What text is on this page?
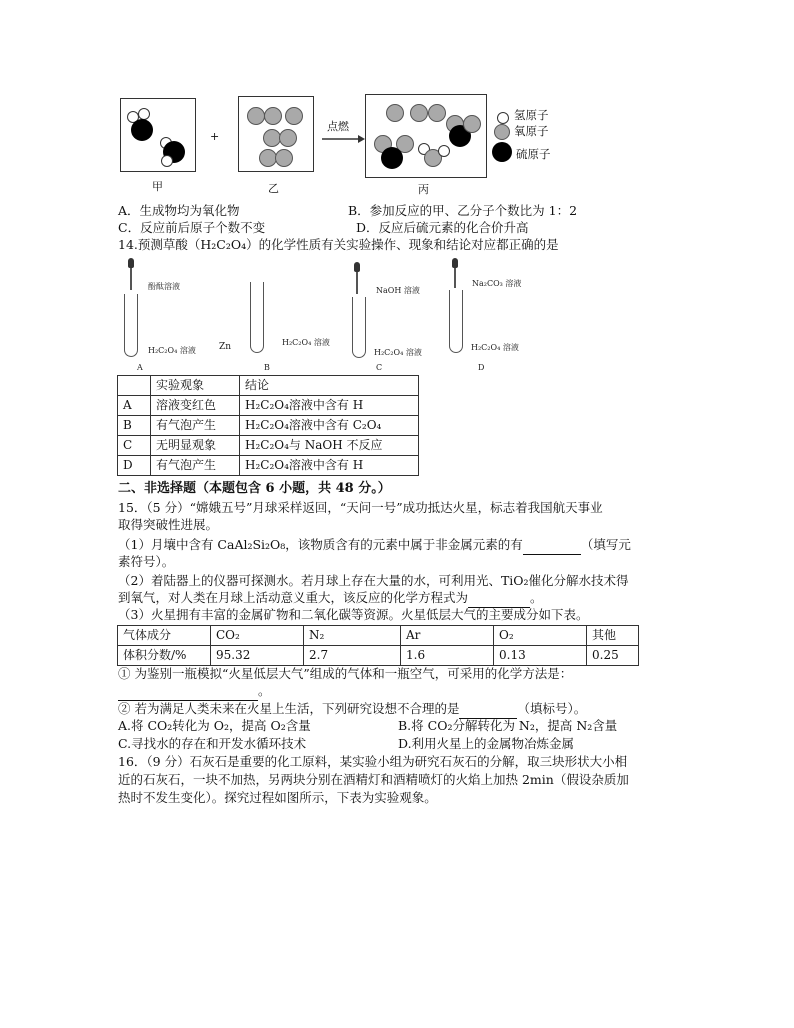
+
点燃
氢原子
氧原子
硫原子
甲	乙	丙
A．生成物均为氧化物	B．参加反应的甲、乙分子个数比为 1：2
C．反应前后原子个数不变	D．反应后硫元素的化合价升高
14.预测草酸（H₂C₂O₄）的化学性质有关实验操作、现象和结论对应都正确的是
酚酞溶液
H₂C₂O₄ 溶液
A
Zn	H₂C₂O₄ 溶液
B
NaOH 溶液
H₂C₂O₄ 溶液
C
Na₂CO₃ 溶液
H₂C₂O₄ 溶液
D
	实验观象	结论
A	溶液变红色	H₂C₂O₄溶液中含有 H
B	有气泡产生	H₂C₂O₄溶液中含有 C₂O₄
C	无明显观象	H₂C₂O₄与 NaOH 不反应
D	有气泡产生	H₂C₂O₄溶液中含有 H
二、非选择题（本题包含 6 小题，共 48 分。）
15．（5 分）“嫦娥五号”月球采样返回，“天问一号”成功抵达火星，标志着我国航天事业
取得突破性进展。
（1）月壤中含有 CaAl₂Si₂O₈，该物质含有的元素中属于非金属元素的有	（填写元
素符号）。
（2）着陆器上的仪器可探测水。若月球上存在大量的水，可利用光、TiO₂催化分解水技术得
到氧气，对人类在月球上活动意义重大，该反应的化学方程式为	。
（3）火星拥有丰富的金属矿物和二氧化碳等资源。火星低层大气的主要成分如下表。
气体成分	CO₂	N₂	Ar	O₂	其他
体积分数/%	95.32	2.7	1.6	0.13	0.25
① 为鉴别一瓶模拟“火星低层大气”组成的气体和一瓶空气，可采用的化学方法是：
。
② 若为满足人类未来在火星上生活，下列研究设想不合理的是	（填标号）。
A.将 CO₂转化为 O₂，提高 O₂含量	B.将 CO₂分解转化为 N₂，提高 N₂含量
C.寻找水的存在和开发水循环技术	D.利用火星上的金属物冶炼金属
16．（9 分）石灰石是重要的化工原料，某实验小组为研究石灰石的分解，取三块形状大小相
近的石灰石，一块不加热，另两块分别在酒精灯和酒精喷灯的火焰上加热 2min（假设杂质加
热时不发生变化）。探究过程如图所示，下表为实验观象。
